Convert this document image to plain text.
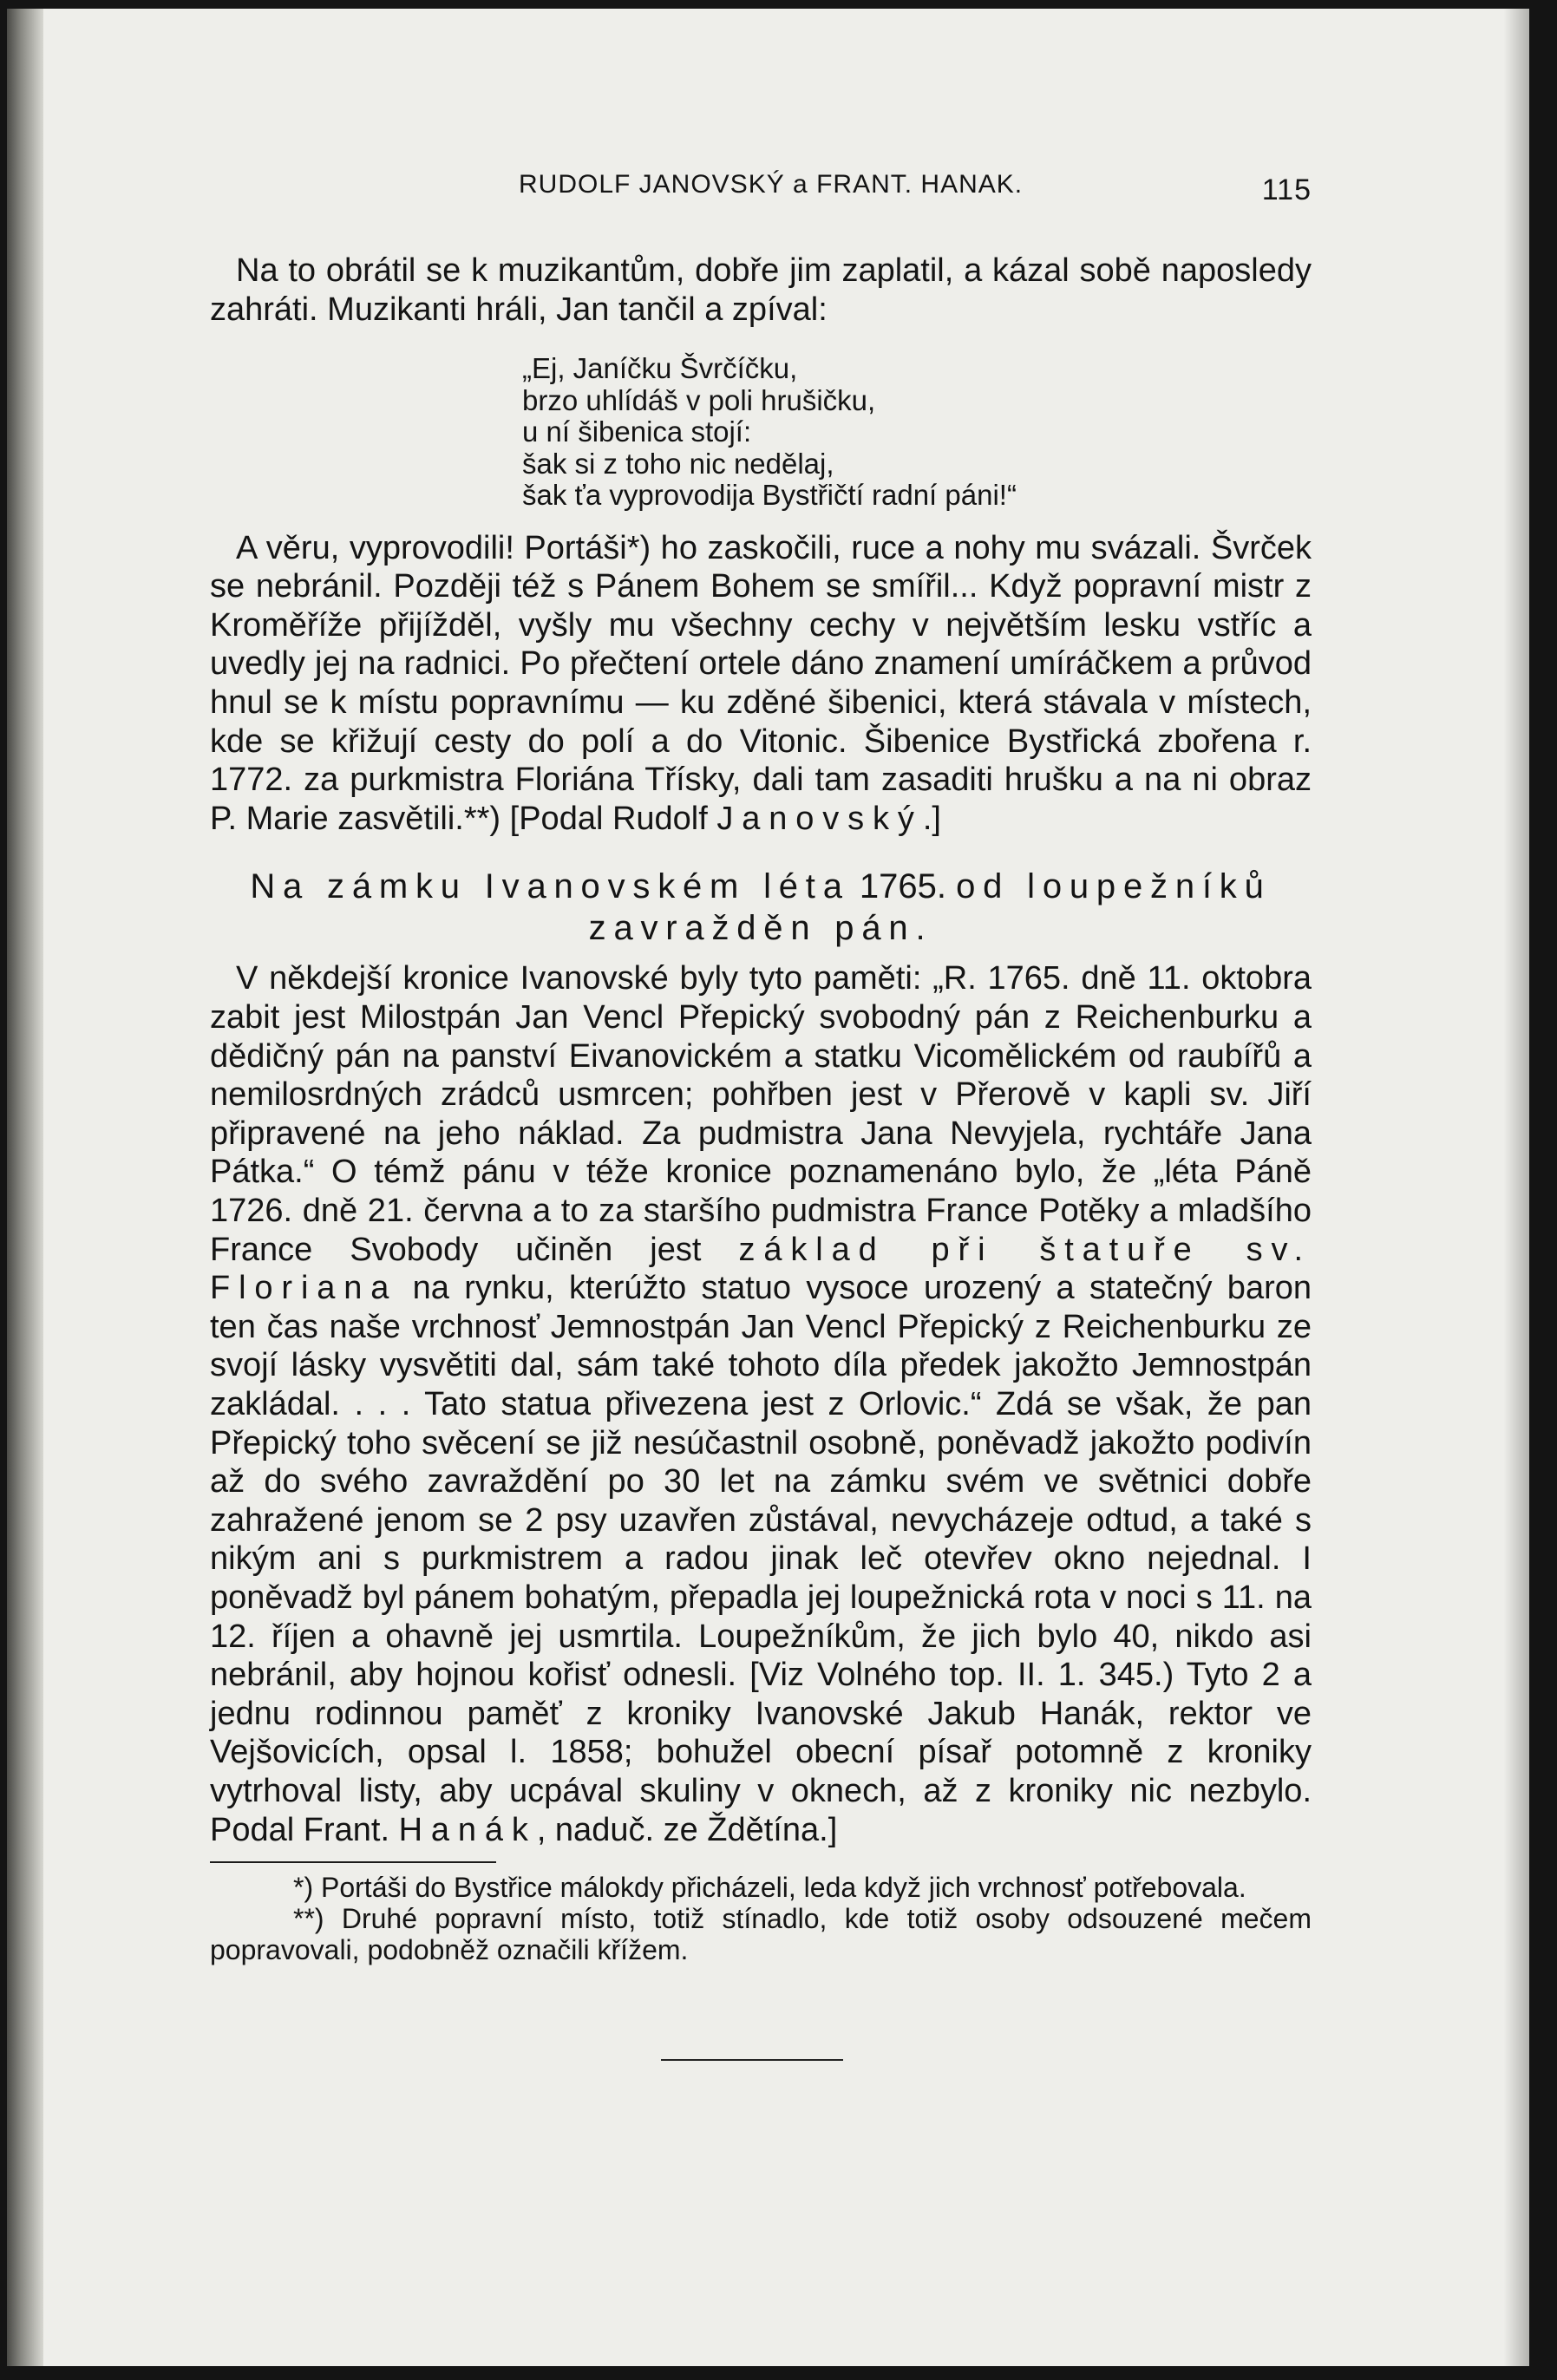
RUDOLF JANOVSKÝ a FRANT. HANAK.	115

Na to obrátil se k muzikantům, dobře jim zaplatil, a kázal sobě naposledy zahráti. Muzikanti hráli, Jan tančil a zpíval:

„Ej, Janíčku Švrčíčku,
brzo uhlídáš v poli hrušičku,
u ní šibenica stojí:
šak si z toho nic nedělaj,
šak ťa vyprovodija Bystřičtí radní páni!“

A věru, vyprovodili! Portáši*) ho zaskočili, ruce a nohy mu svázali. Švrček se nebránil. Později též s Pánem Bohem se smířil... Když popravní mistr z Kroměříže přijížděl, vyšly mu všechny cechy v největším lesku vstříc a uvedly jej na radnici. Po přečtení ortele dáno znamení umíráčkem a průvod hnul se k místu popravnímu — ku zděné šibenici, která stávala v místech, kde se křižují cesty do polí a do Vitonic. Šibenice Bystřická zbořena r. 1772. za purkmistra Floriána Třísky, dali tam zasaditi hrušku a na ni obraz P. Marie zasvětili.**) [Podal Rudolf Janovský.]

Na zámku Ivanovském léta 1765. od loupežníků zavražděn pán.

V někdejší kronice Ivanovské byly tyto paměti: „R. 1765. dně 11. oktobra zabit jest Milostpán Jan Vencl Přepický svobodný pán z Reichenburku a dědičný pán na panství Eivanovickém a statku Vicomělickém od raubířů a nemilosrdných zrádců usmrcen; pohřben jest v Přerově v kapli sv. Jiří připravené na jeho náklad. Za pudmistra Jana Nevyjela, rychtáře Jana Pátka.“ O témž pánu v téže kronice poznamenáno bylo, že „léta Páně 1726. dně 21. června a to za staršího pudmistra France Potěky a mladšího France Svobody učiněn jest základ při štatuře sv. Floriana na rynku, kterúžto statuo vysoce urozený a statečný baron ten čas naše vrchnosť Jemnostpán Jan Vencl Přepický z Reichenburku ze svojí lásky vysvětiti dal, sám také tohoto díla předek jakožto Jemnostpán zakládal. . . . Tato statua přivezena jest z Orlovic.“ Zdá se však, že pan Přepický toho svěcení se již nesúčastnil osobně, poněvadž jakožto podivín až do svého zavraždění po 30 let na zámku svém ve světnici dobře zahražené jenom se 2 psy uzavřen zůstával, nevycházeje odtud, a také s nikým ani s purkmistrem a radou jinak leč otevřev okno nejednal. I poněvadž byl pánem bohatým, přepadla jej loupežnická rota v noci s 11. na 12. říjen a ohavně jej usmrtila. Loupežníkům, že jich bylo 40, nikdo asi nebránil, aby hojnou kořisť odnesli. [Viz Volného top. II. 1. 345.) Tyto 2 a jednu rodinnou paměť z kroniky Ivanovské Jakub Hanák, rektor ve Vejšovicích, opsal l. 1858; bohužel obecní písař potomně z kroniky vytrhoval listy, aby ucpával skuliny v oknech, až z kroniky nic nezbylo. Podal Frant. Hanák, naduč. ze Ždětína.]

*) Portáši do Bystřice málokdy přicházeli, leda když jich vrchnosť potřebovala.

**) Druhé popravní místo, totiž stínadlo, kde totiž osoby odsouzené mečem popravovali, podobněž označili křížem.
